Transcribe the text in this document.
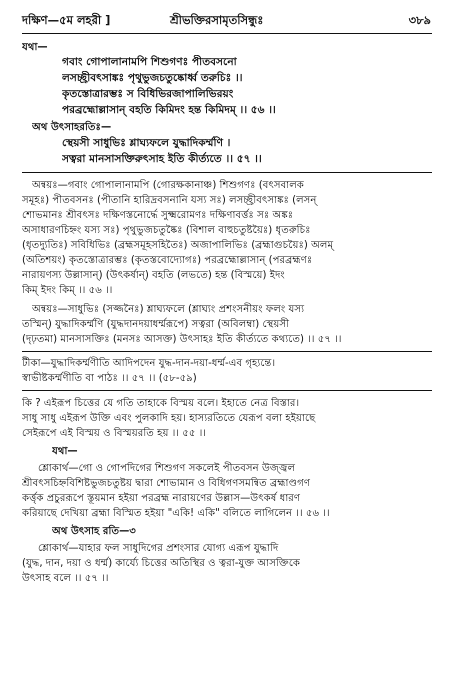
দক্ষিণ—৫ম লহরী ]	শ্রীভক্তিরসামৃতসিন্ধুঃ	৩৮৯
যথা—
গবাং গোপালানামপি শিশুগণঃ পীতবসনো
লসচ্ছ্রীবৎসাঙ্কঃ পৃথুভুজচতুষ্কোর্ধ্ব তরুচিঃ ।।
কৃতস্তোত্রারম্ভঃ স বিধিভিরজাপালিভিরয়ং
পরব্রহ্মোল্লাসান্ বহতি কিমিদং হন্ত কিমিদম্ ।। ৫৬ ।।
অথ উৎসাহরতিঃ—
স্থেয়সী সাধুভিঃ শ্লাঘ্যফলে যুদ্ধাদিকর্ম্মণি ।
সত্বরা মানসাসক্তিরুৎসাহ ইতি কীর্ত্যতে ।। ৫৭ ।।
অন্বয়ঃ—গবাং গোপালানামপি (গোরক্ষকানাঞ্চ) শিশুগণঃ (বৎসবালক
সমূহঃ) পীতবসনঃ (পীতানি হারিদ্রবসনানি যস্য সঃ) লসচ্ছ্রীবৎসাঙ্কঃ (লসন্
শোভমানঃ শ্রীবৎসঃ দক্ষিণস্তনোর্দ্ধে সুক্ষ্মরোমণঃ দক্ষিণাবর্ত্তঃ সঃ অঙ্কঃ
অসাধারণচিহ্নং যস্য সঃ) পৃথুভুজচতুষ্কৈঃ (বিশাল বাহুচতুষ্টয়ৈঃ) ধৃতরুচিঃ
(ধৃতদ্যুতিঃ) সবিধিভিঃ (ব্রহ্মসমূহসহিতৈঃ) অজাপালিভিঃ (ব্রহ্মাগুচয়ৈঃ) অলম্
(অতিশয়ং) কৃতস্তোত্রারম্ভঃ (কৃতস্তবোদ্যোগঃ) পরব্রহ্মোল্লাসান্ (পরব্রহ্মণঃ
নারায়ণস্য উল্লাসান্) (উৎকর্ষান্) বহতি (লভতে) হন্ত (বিস্ময়ে) ইদং
কিম্ ইদং কিম্ ।। ৫৬ ।।
অন্বয়ঃ—সাধুভিঃ (সজ্জনৈঃ) শ্লাঘ্যফলে (শ্লাঘ্যং প্রশংসনীয়ং ফলং যস্য
তস্মিন্) যুদ্ধাদিকর্ম্মণি (যুদ্ধদানদয়াধর্ম্মরূপে) সত্বরা (অবিলম্বা) স্থেয়সী
(দৃঢ়তমা) মানসাসক্তিঃ (মনসঃ আসক্ত) উৎসাহঃ ইতি কীর্ত্যতে কথ্যতে) ।। ৫৭ ।।
টীকা—যুদ্ধাদিকর্ম্মণীতি আদিপদেন যুদ্ধ-দান-দয়া-ধর্ম্ম-এব গৃহ্যন্তে।
স্বাভীষ্টকর্ম্মণীতি বা পাঠঃ ।। ৫৭ ।। (৫৮-৫৯)
কি ? এইরূপ চিত্তের যে গতি তাহাকে বিস্ময় বলে। ইহাতে নেত্র বিস্তার।
সাধু সাধু এইরূপ উক্তি এবং পুলকাদি হয়। হাস্যরতিতে যেরূপ বলা হইয়াছে
সেইরূপে এই বিস্ময় ও বিস্ময়রতি হয় ।। ৫৫ ।।
যথা—
শ্লোকার্থ—গো ও গোপদিগের শিশুগণ সকলেই পীতবসন উজ্জ্বল
শ্রীবৎসচিহ্নবিশিষ্টভুজচতুষ্টয় দ্বারা শোভামান ও বিধিগণসমন্বিত ব্রহ্মাণ্ডগণ
কর্ত্তৃক প্রচুররূপে স্তূয়মান হইয়া পরব্রহ্ম নারায়ণের উল্লাস—উৎকর্ষ ধারণ
করিয়াছে দেখিয়া ব্রহ্মা বিস্মিত হইয়া "একি! একি" বলিতে লাগিলেন ।। ৫৬ ।।
অথ উৎসাহ রতি—৩
শ্লোকার্থ—যাহার ফল সাধুদিগের প্রশংসার যোগ্য এরূপ যুদ্ধাদি
(যুদ্ধ, দান, দয়া ও ধর্ম্ম) কার্য্যে চিত্তের অতিস্থির ও ত্বরা-যুক্ত আসক্তিকে
উৎসাহ বলে ।। ৫৭ ।।
